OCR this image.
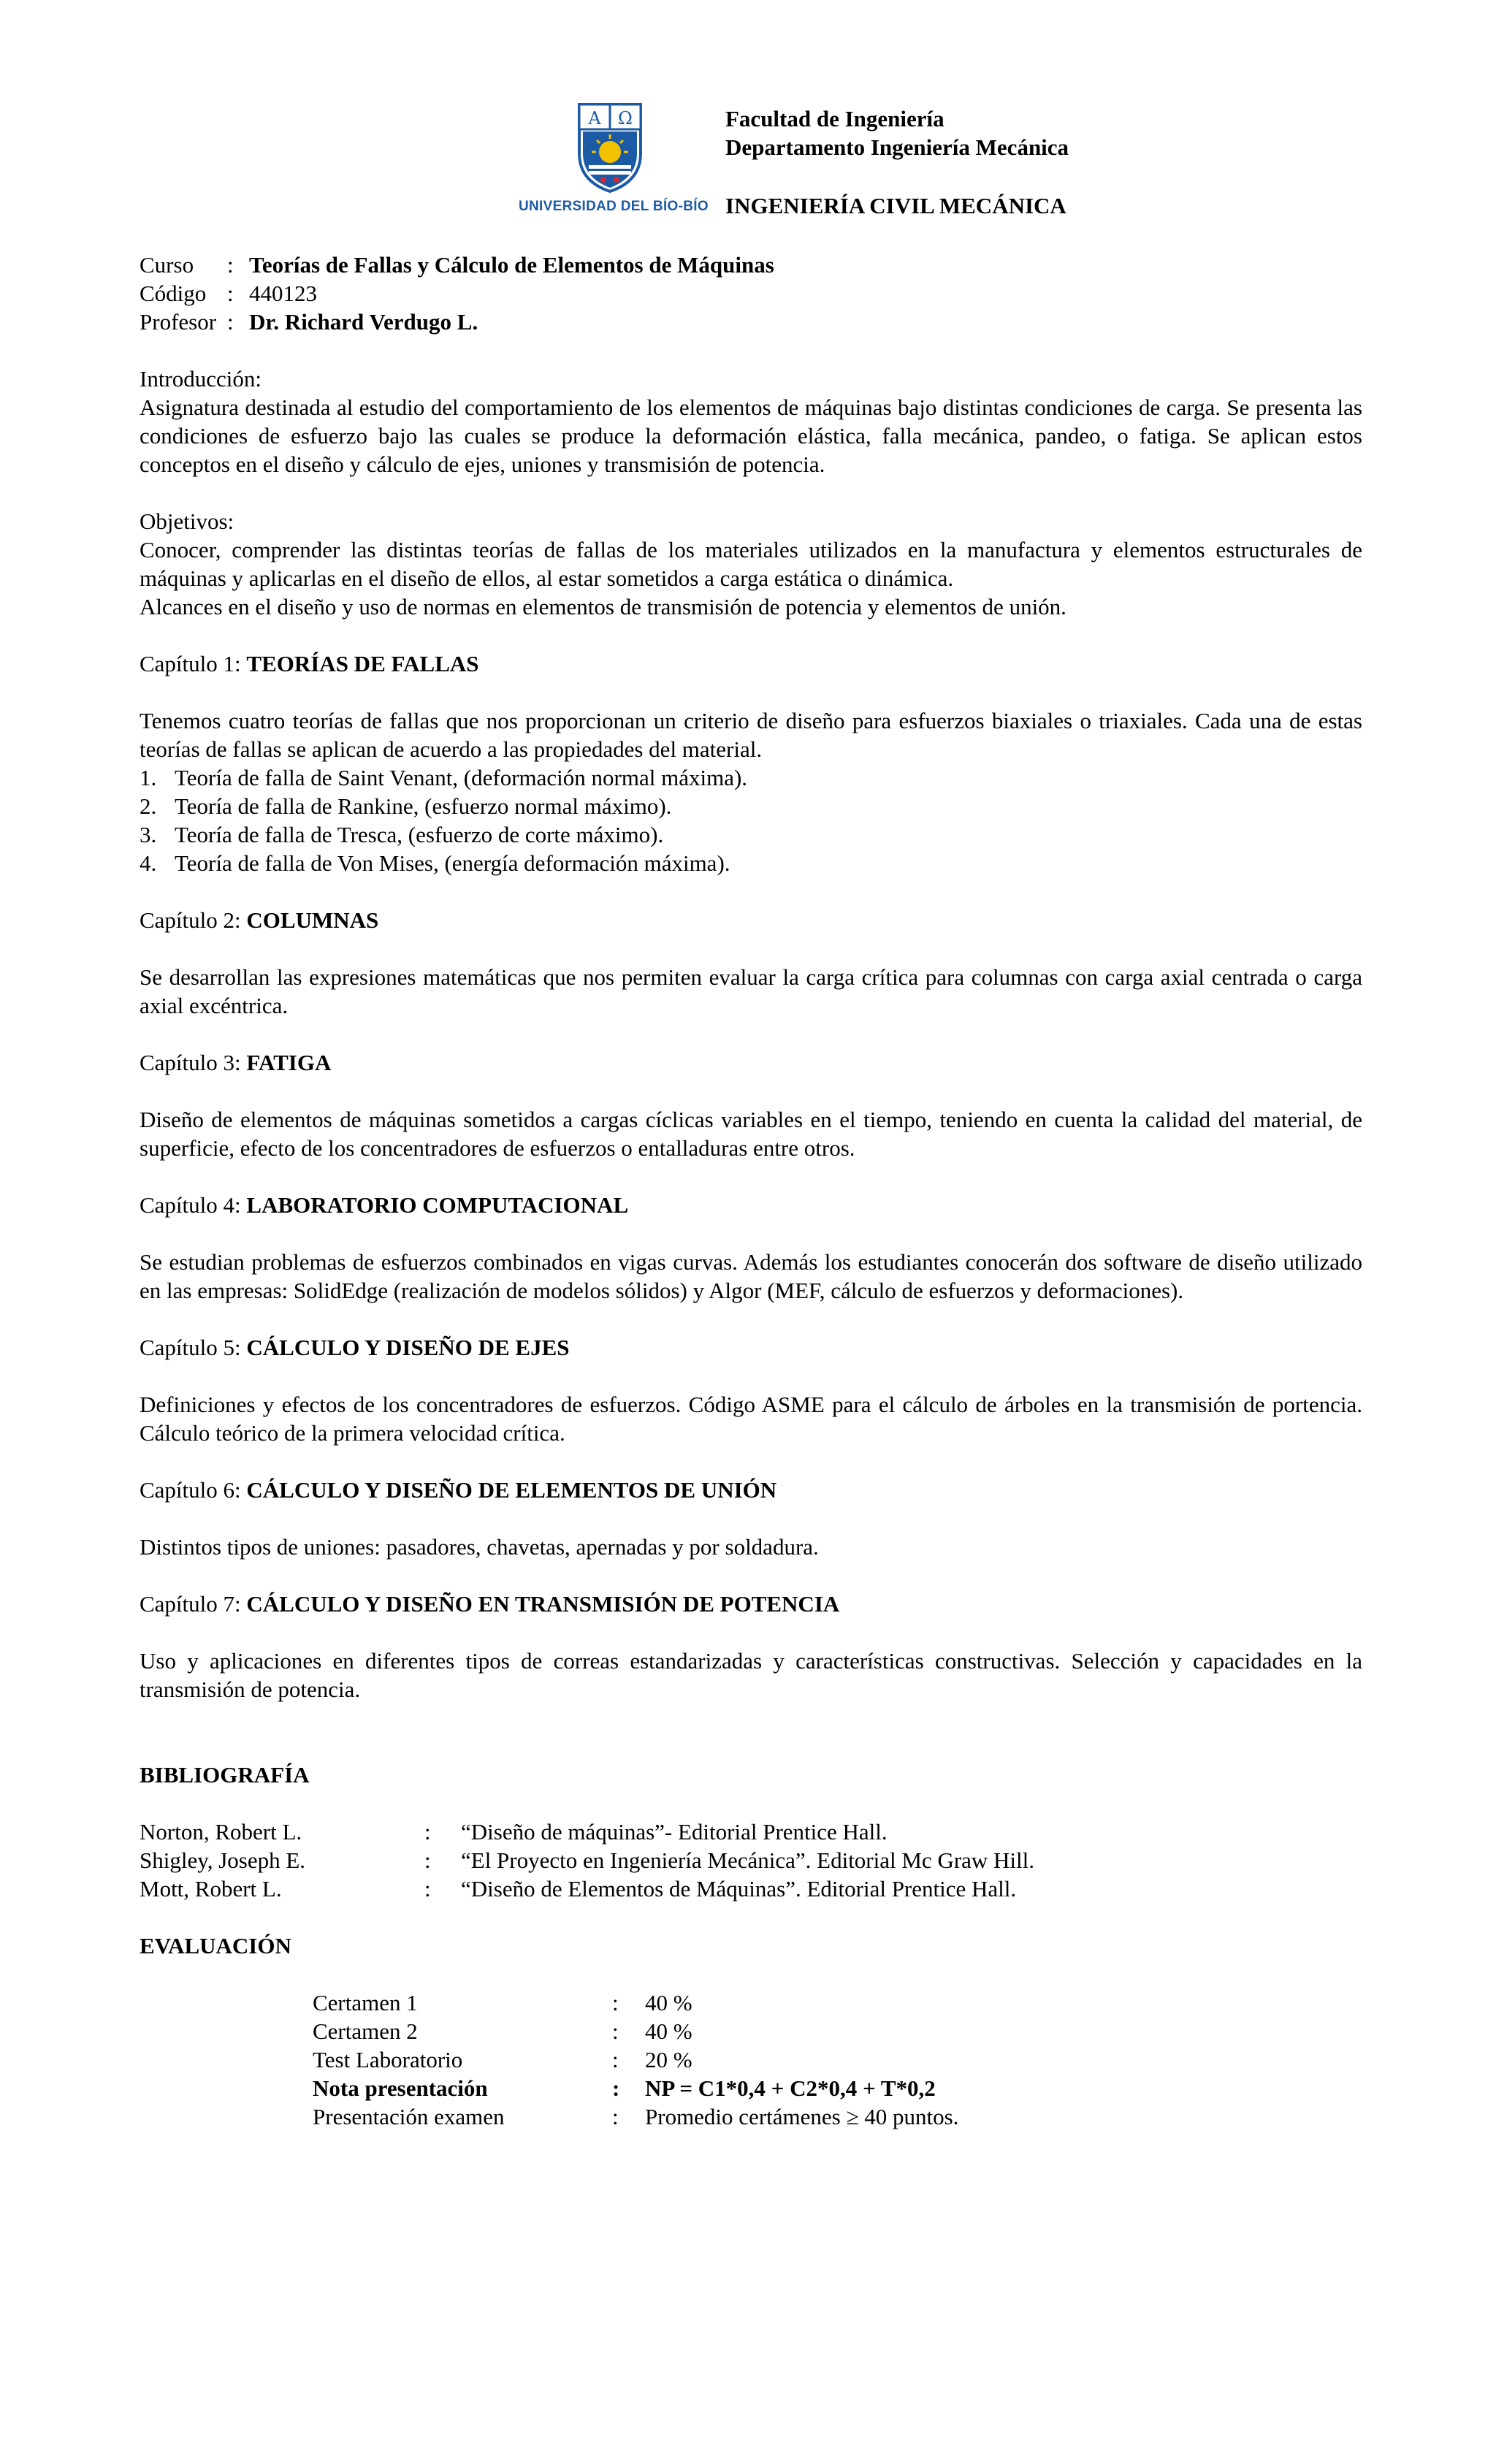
Α Ω
UNIVERSIDAD DEL BÍO-BÍO
Facultad de Ingeniería
Departamento Ingeniería Mecánica
INGENIERÍA CIVIL MECÁNICA
Curso	: Teorías de Fallas y Cálculo de Elementos de Máquinas
Código : 440123
Profesor : Dr. Richard Verdugo L.

Introducción:

Asignatura destinada al estudio del comportamiento de los elementos de máquinas bajo distintas condiciones de carga. Se presenta las condiciones de esfuerzo bajo las cuales se produce la deformación elástica, falla mecánica, pandeo, o fatiga. Se aplican estos conceptos en el diseño y cálculo de ejes, uniones y transmisión de potencia.

Objetivos:

Conocer, comprender las distintas teorías de fallas de los materiales utilizados en la manufactura y elementos estructurales de máquinas y aplicarlas en el diseño de ellos, al estar sometidos a carga estática o dinámica.

Alcances en el diseño y uso de normas en elementos de transmisión de potencia y elementos de unión.

Capítulo 1: TEORÍAS DE FALLAS

Tenemos cuatro teorías de fallas que nos proporcionan un criterio de diseño para esfuerzos biaxiales o triaxiales. Cada una de estas teorías de fallas se aplican de acuerdo a las propiedades del material.

1. Teoría de falla de Saint Venant, (deformación normal máxima).
2. Teoría de falla de Rankine, (esfuerzo normal máximo).
3. Teoría de falla de Tresca, (esfuerzo de corte máximo).
4. Teoría de falla de Von Mises, (energía deformación máxima).
Capítulo 2: COLUMNAS

Se desarrollan las expresiones matemáticas que nos permiten evaluar la carga crítica para columnas con carga axial centrada o carga axial excéntrica.

Capítulo 3: FATIGA

Diseño de elementos de máquinas sometidos a cargas cíclicas variables en el tiempo, teniendo en cuenta la calidad del material, de superficie, efecto de los concentradores de esfuerzos o entalladuras entre otros.

Capítulo 4: LABORATORIO COMPUTACIONAL

Se estudian problemas de esfuerzos combinados en vigas curvas. Además los estudiantes conocerán dos software de diseño utilizado en las empresas: SolidEdge (realización de modelos sólidos) y Algor (MEF, cálculo de esfuerzos y deformaciones).

Capítulo 5: CÁLCULO Y DISEÑO DE EJES

Definiciones y efectos de los concentradores de esfuerzos. Código ASME para el cálculo de árboles en la transmisión de portencia. Cálculo teórico de la primera velocidad crítica.

Capítulo 6: CÁLCULO Y DISEÑO DE ELEMENTOS DE UNIÓN

Distintos tipos de uniones: pasadores, chavetas, apernadas y por soldadura.

Capítulo 7: CÁLCULO Y DISEÑO EN TRANSMISIÓN DE POTENCIA

Uso y aplicaciones en diferentes tipos de correas estandarizadas y características constructivas. Selección y capacidades en la transmisión de potencia.

BIBLIOGRAFÍA

Norton, Robert L.	:	“Diseño de máquinas”- Editorial Prentice Hall.
Shigley, Joseph E.	:	“El Proyecto en Ingeniería Mecánica”. Editorial Mc Graw Hill.
Mott, Robert L.	:	“Diseño de Elementos de Máquinas”. Editorial Prentice Hall.

EVALUACIÓN

Certamen 1	:	40 %
Certamen 2	:	40 %
Test Laboratorio	:	20 %
Nota presentación	:	NP = C1*0,4 + C2*0,4 + T*0,2
Presentación examen	:	Promedio certámenes ≥ 40 puntos.
